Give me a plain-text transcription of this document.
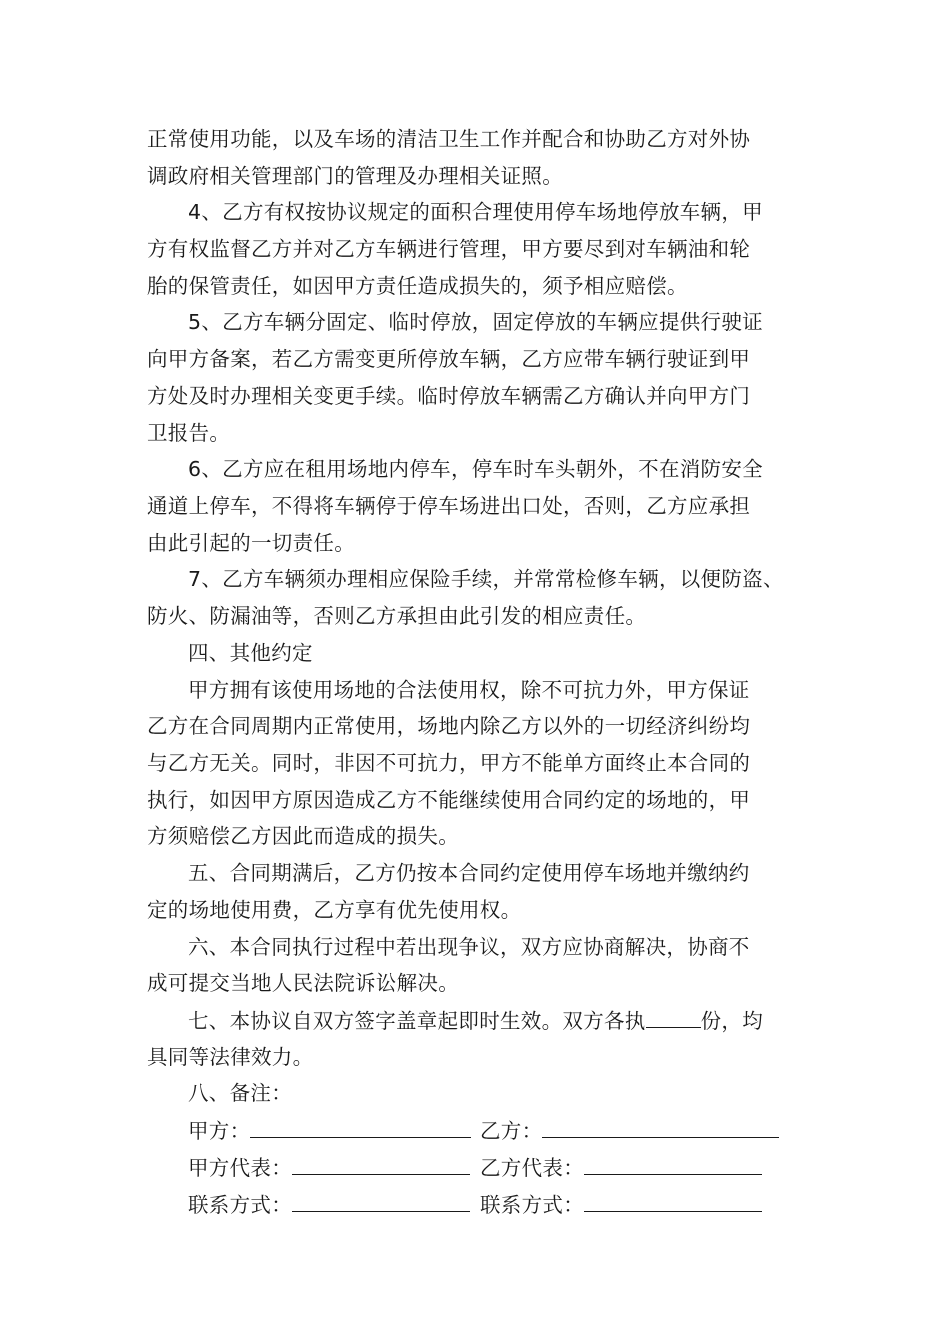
正常使用功能，以及车场的清洁卫生工作并配合和协助乙方对外协
调政府相关管理部门的管理及办理相关证照。
4、乙方有权按协议规定的面积合理使用停车场地停放车辆，甲
方有权监督乙方并对乙方车辆进行管理，甲方要尽到对车辆油和轮
胎的保管责任，如因甲方责任造成损失的，须予相应赔偿。
5、乙方车辆分固定、临时停放，固定停放的车辆应提供行驶证
向甲方备案，若乙方需变更所停放车辆，乙方应带车辆行驶证到甲
方处及时办理相关变更手续。临时停放车辆需乙方确认并向甲方门
卫报告。
6、乙方应在租用场地内停车，停车时车头朝外，不在消防安全
通道上停车，不得将车辆停于停车场进出口处，否则，乙方应承担
由此引起的一切责任。
7、乙方车辆须办理相应保险手续，并常常检修车辆，以便防盗、
防火、防漏油等，否则乙方承担由此引发的相应责任。
四、其他约定
甲方拥有该使用场地的合法使用权，除不可抗力外，甲方保证
乙方在合同周期内正常使用，场地内除乙方以外的一切经济纠纷均
与乙方无关。同时，非因不可抗力，甲方不能单方面终止本合同的
执行，如因甲方原因造成乙方不能继续使用合同约定的场地的，甲
方须赔偿乙方因此而造成的损失。
五、合同期满后，乙方仍按本合同约定使用停车场地并缴纳约
定的场地使用费，乙方享有优先使用权。
六、本合同执行过程中若出现争议，双方应协商解决，协商不
成可提交当地人民法院诉讼解决。
七、本协议自双方签字盖章起即时生效。双方各执	份，均
具同等法律效力。
八、备注：
甲方：	乙方：
甲方代表：	乙方代表：
联系方式：	联系方式：
